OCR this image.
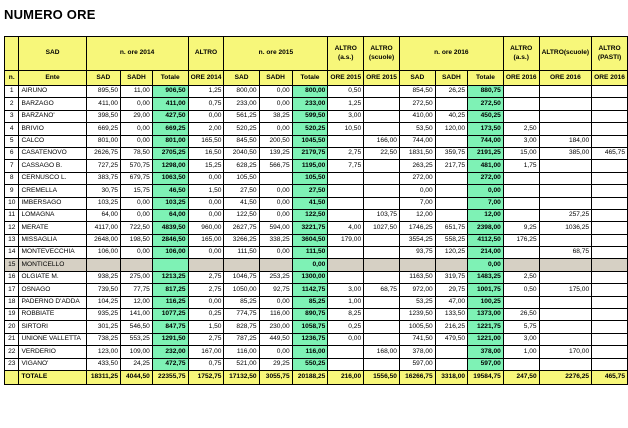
NUMERO ORE
	SAD	n. ore 2014			ALTRO	n. ore 2015			ALTRO (a.s.)	ALTRO (scuole)	n. ore 2016			ALTRO (a.s.)	ALTRO(scuole)	ALTRO (PASTI)
n.	Ente	SAD	SADH	Totale	ORE 2014	SAD	SADH	Totale	ORE 2015	ORE 2015	SAD	SADH	Totale	ORE 2016	ORE 2016	ORE 2016
1	AIRUNO	895,50	11,00	906,50	1,25	800,00	0,00	800,00	0,50		854,50	26,25	880,75			
2	BARZAGO	411,00	0,00	411,00	0,75	233,00	0,00	233,00	1,25		272,50		272,50			
3	BARZANO'	398,50	29,00	427,50	0,00	561,25	38,25	599,50	3,00		410,00	40,25	450,25			
4	BRIVIO	669,25	0,00	669,25	2,00	520,25	0,00	520,25	10,50		53,50	120,00	173,50	2,50		
5	CALCO	801,00	0,00	801,00	165,50	845,50	200,50	1045,50		166,00	744,00		744,00	3,00	184,00	
6	CASATENOVO	2626,75	78,50	2705,25	16,50	2040,50	139,25	2179,75	2,75	22,50	1831,50	359,75	2191,25	15,00	385,00	465,75
7	CASSAGO B.	727,25	570,75	1298,00	15,25	628,25	566,75	1195,00	7,75		263,25	217,75	481,00	1,75		
8	CERNUSCO L.	383,75	679,75	1063,50	0,00	105,50		105,50			272,00		272,00			
9	CREMELLA	30,75	15,75	46,50	1,50	27,50	0,00	27,50			0,00		0,00			
10	IMBERSAGO	103,25	0,00	103,25	0,00	41,50	0,00	41,50			7,00		7,00			
11	LOMAGNA	64,00	0,00	64,00	0,00	122,50	0,00	122,50		103,75	12,00		12,00		257,25	
12	MERATE	4117,00	722,50	4839,50	960,00	2627,75	594,00	3221,75	4,00	1027,50	1746,25	651,75	2398,00	9,25	1036,25	
13	MISSAGLIA	2648,00	198,50	2846,50	165,00	3266,25	338,25	3604,50	179,00		3554,25	558,25	4112,50	176,25		
14	MONTEVECCHIA	106,00	0,00	106,00	0,00	111,50	0,00	111,50			93,75	120,25	214,00		68,75	
15	MONTICELLO							0,00					0,00			
16	OLGIATE M.	938,25	275,00	1213,25	2,75	1046,75	253,25	1300,00			1163,50	319,75	1483,25	2,50		
17	OSNAGO	739,50	77,75	817,25	2,75	1050,00	92,75	1142,75	3,00	68,75	972,00	29,75	1001,75	0,50	175,00	
18	PADERNO D'ADDA	104,25	12,00	116,25	0,00	85,25	0,00	85,25	1,00		53,25	47,00	100,25			
19	ROBBIATE	935,25	141,00	1077,25	0,25	774,75	116,00	890,75	8,25		1239,50	133,50	1373,00	26,50		
20	SIRTORI	301,25	546,50	847,75	1,50	828,75	230,00	1058,75	0,25		1005,50	216,25	1221,75	5,75		
21	UNIONE VALLETTA	738,25	553,25	1291,50	2,75	787,25	449,50	1236,75	0,00		741,50	479,50	1221,00	3,00		
22	VERDERIO	123,00	109,00	232,00	167,00	116,00	0,00	116,00		168,00	378,00		378,00	1,00	170,00	
23	VIGANO'	433,50	24,25	472,75	0,75	521,00	29,25	550,25			597,00		597,00			
	TOTALE	18311,25	4044,50	22355,75	1752,75	17132,50	3055,75	20188,25	216,00	1556,50	16266,75	3318,00	19584,75	247,50	2276,25	465,75
